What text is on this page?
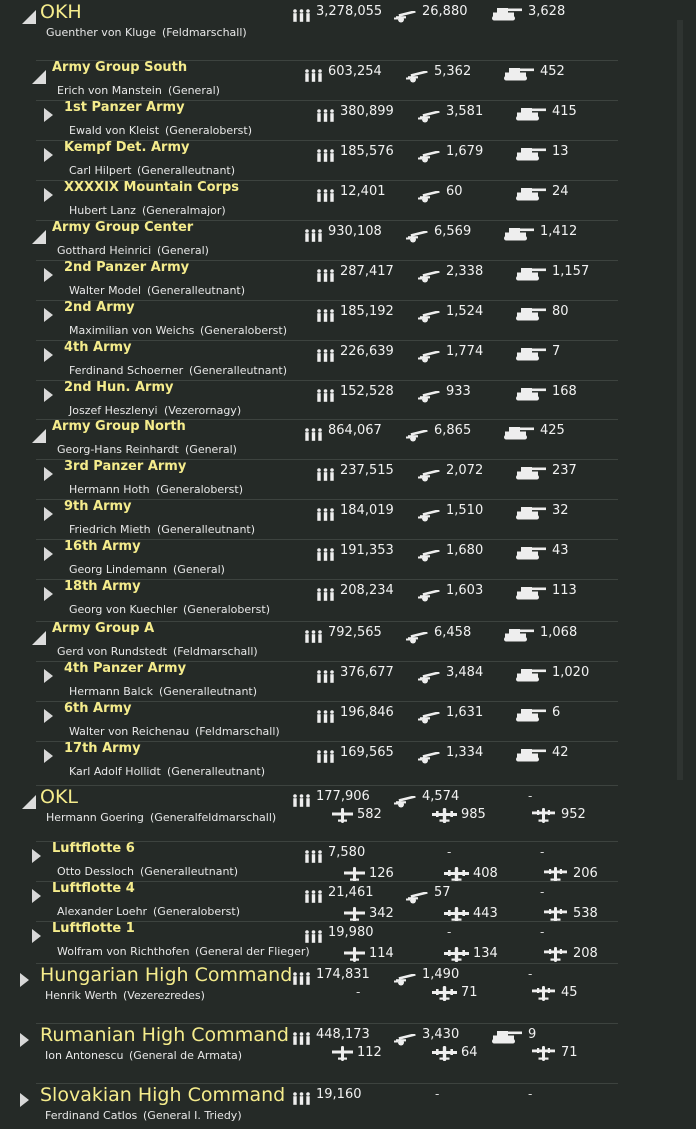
OKH
Guenther von Kluge (Feldmarschall)
3,278,055	26,880	3,628
Army Group South
Erich von Manstein (General)
603,254	5,362	452
1st Panzer Army
Ewald von Kleist (Generaloberst)
380,899	3,581	415
Kempf Det. Army
Carl Hilpert (Generalleutnant)
185,576	1,679	13
XXXXIX Mountain Corps
Hubert Lanz (Generalmajor)
12,401	60	24
Army Group Center
Gotthard Heinrici (General)
930,108	6,569	1,412
2nd Panzer Army
Walter Model (Generalleutnant)
287,417	2,338	1,157
2nd Army
Maximilian von Weichs (Generaloberst)
185,192	1,524	80
4th Army
Ferdinand Schoerner (Generalleutnant)
226,639	1,774	7
2nd Hun. Army
Joszef Heszlenyi (Vezerornagy)
152,528	933	168
Army Group North
Georg-Hans Reinhardt (General)
864,067	6,865	425
3rd Panzer Army
Hermann Hoth (Generaloberst)
237,515	2,072	237
9th Army
Friedrich Mieth (Generalleutnant)
184,019	1,510	32
16th Army
Georg Lindemann (General)
191,353	1,680	43
18th Army
Georg von Kuechler (Generaloberst)
208,234	1,603	113
Army Group A
Gerd von Rundstedt (Feldmarschall)
792,565	6,458	1,068
4th Panzer Army
Hermann Balck (Generalleutnant)
376,677	3,484	1,020
6th Army
Walter von Reichenau (Feldmarschall)
196,846	1,631	6
17th Army
Karl Adolf Hollidt (Generalleutnant)
169,565	1,334	42
OKL
Hermann Goering (Generalfeldmarschall)
177,906	4,574	-
582	985	952
Luftflotte 6
Otto Dessloch (Generalleutnant)
7,580	-	-
126	408	206
Luftflotte 4
Alexander Loehr (Generaloberst)
21,461	57	-
342	443	538
Luftflotte 1
Wolfram von Richthofen (General der Flieger)
19,980	-	-
114	134	208
Hungarian High Command
Henrik Werth (Vezerezredes)
174,831	1,490	-
-	71	45
Rumanian High Command
Ion Antonescu (General de Armata)
448,173	3,430	9
112	64	71
Slovakian High Command
Ferdinand Catlos (General I. Triedy)
19,160	-	-
